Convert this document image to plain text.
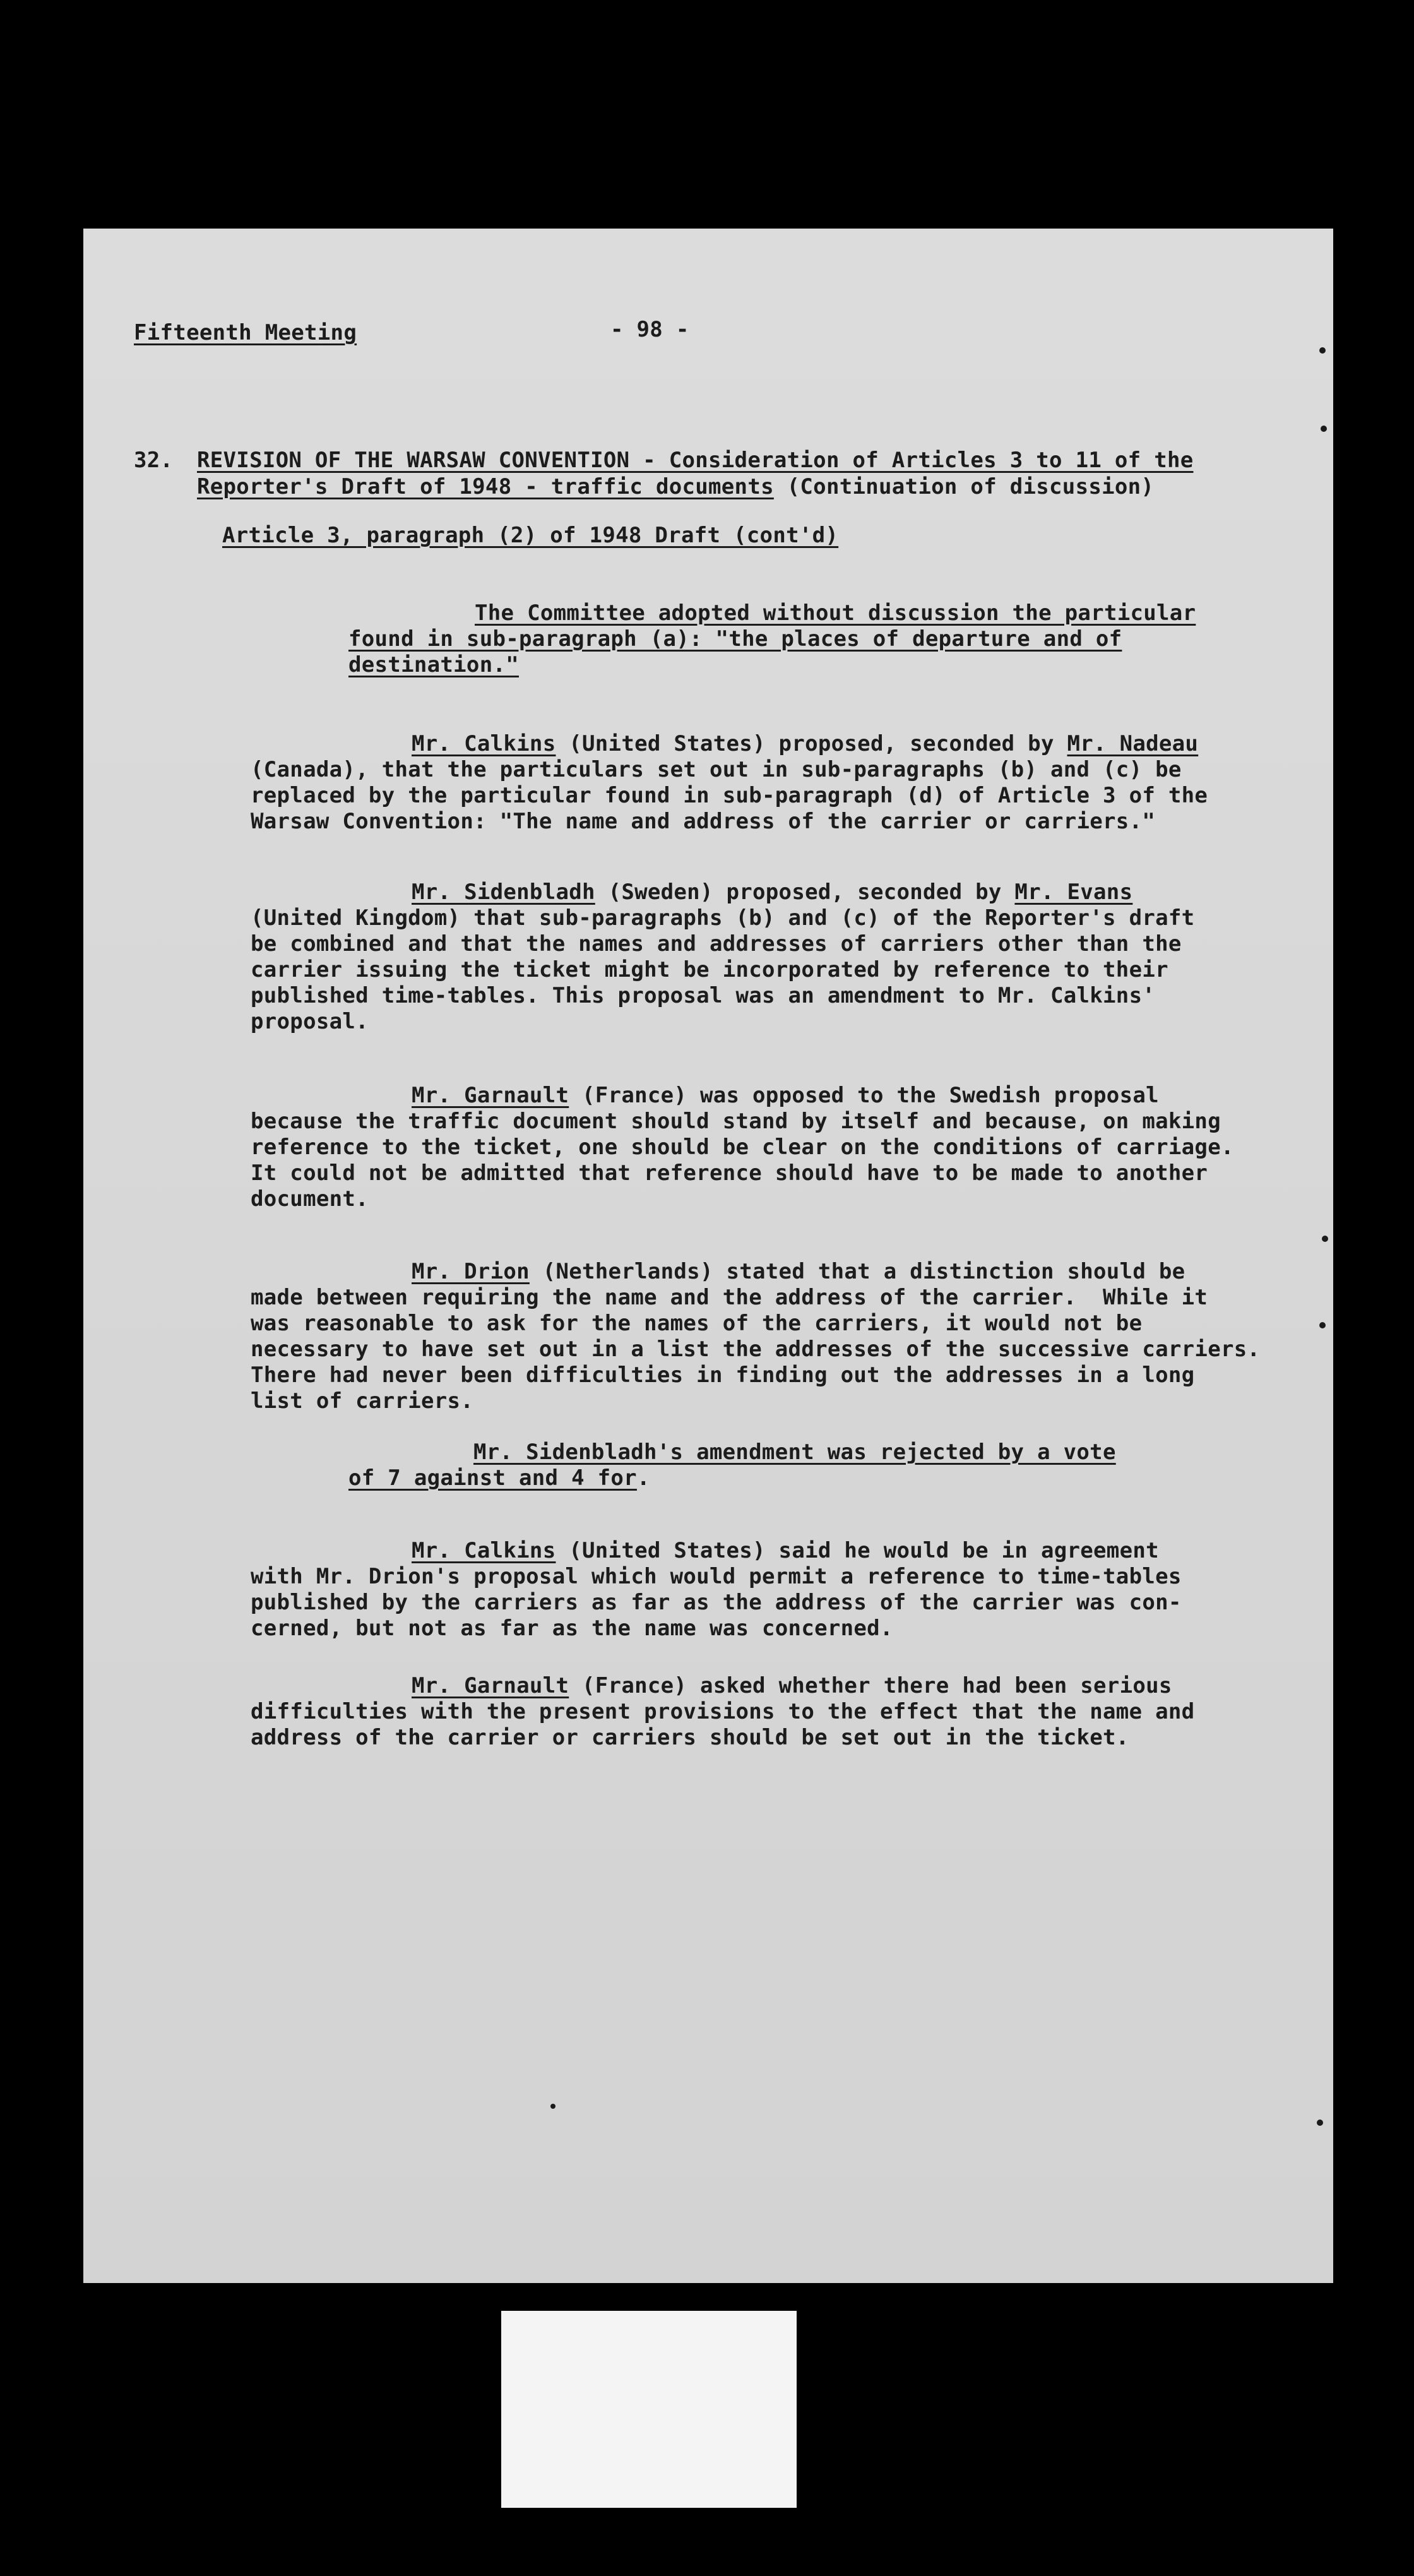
Fifteenth Meeting	- 98 -
32. REVISION OF THE WARSAW CONVENTION - Consideration of Articles 3 to 11 of the
Reporter's Draft of 1948 - traffic documents (Continuation of discussion)
Article 3, paragraph (2) of 1948 Draft (cont'd)
The Committee adopted without discussion the particular
found in sub-paragraph (a): "the places of departure and of
destination."
Mr. Calkins (United States) proposed, seconded by Mr. Nadeau
(Canada), that the particulars set out in sub-paragraphs (b) and (c) be
replaced by the particular found in sub-paragraph (d) of Article 3 of the
Warsaw Convention: "The name and address of the carrier or carriers."
Mr. Sidenbladh (Sweden) proposed, seconded by Mr. Evans
(United Kingdom) that sub-paragraphs (b) and (c) of the Reporter's draft
be combined and that the names and addresses of carriers other than the
carrier issuing the ticket might be incorporated by reference to their
published time-tables. This proposal was an amendment to Mr. Calkins'
proposal.
Mr. Garnault (France) was opposed to the Swedish proposal
because the traffic document should stand by itself and because, on making
reference to the ticket, one should be clear on the conditions of carriage.
It could not be admitted that reference should have to be made to another
document.
Mr. Drion (Netherlands) stated that a distinction should be
made between requiring the name and the address of the carrier.  While it
was reasonable to ask for the names of the carriers, it would not be
necessary to have set out in a list the addresses of the successive carriers.
There had never been difficulties in finding out the addresses in a long
list of carriers.
Mr. Sidenbladh's amendment was rejected by a vote
of 7 against and 4 for.
Mr. Calkins (United States) said he would be in agreement
with Mr. Drion's proposal which would permit a reference to time-tables
published by the carriers as far as the address of the carrier was con-
cerned, but not as far as the name was concerned.
Mr. Garnault (France) asked whether there had been serious
difficulties with the present provisions to the effect that the name and
address of the carrier or carriers should be set out in the ticket.
